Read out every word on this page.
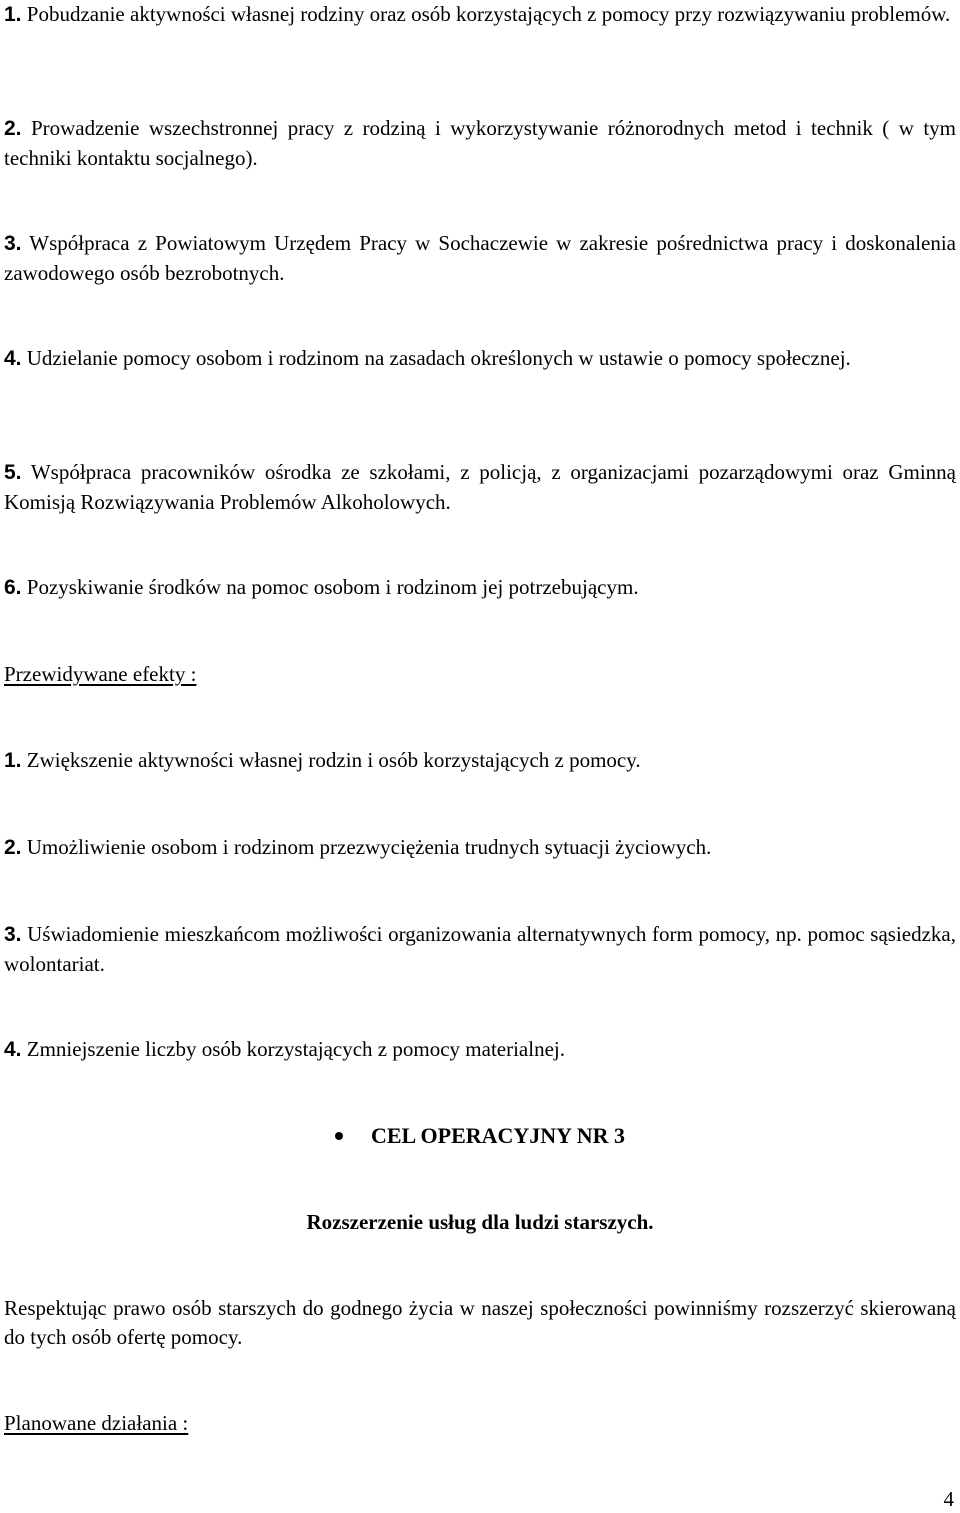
1. Pobudzanie aktywności własnej rodziny oraz osób korzystających z pomocy przy rozwiązywaniu problemów.

2. Prowadzenie wszechstronnej pracy z rodziną i wykorzystywanie różnorodnych metod i technik ( w tym techniki kontaktu socjalnego).

3. Współpraca z Powiatowym Urzędem Pracy w Sochaczewie w zakresie pośrednictwa pracy i doskonalenia zawodowego osób bezrobotnych.

4. Udzielanie pomocy osobom i rodzinom na zasadach określonych w ustawie o pomocy społecznej.

5. Współpraca pracowników ośrodka ze szkołami, z policją, z organizacjami pozarządowymi oraz Gminną Komisją Rozwiązywania Problemów Alkoholowych.

6. Pozyskiwanie środków na pomoc osobom i rodzinom jej potrzebującym.

Przewidywane efekty :

1. Zwiększenie aktywności własnej rodzin i osób korzystających z pomocy.

2. Umożliwienie osobom i rodzinom przezwyciężenia trudnych sytuacji życiowych.

3. Uświadomienie mieszkańcom możliwości organizowania alternatywnych form pomocy, np. pomoc sąsiedzka, wolontariat.

4. Zmniejszenie liczby osób korzystających z pomocy materialnej.

CEL OPERACYJNY NR 3

Rozszerzenie usług dla ludzi starszych.

Respektując prawo osób starszych do godnego życia w naszej społeczności powinniśmy rozszerzyć skierowaną do tych osób ofertę pomocy.

Planowane działania :

4
